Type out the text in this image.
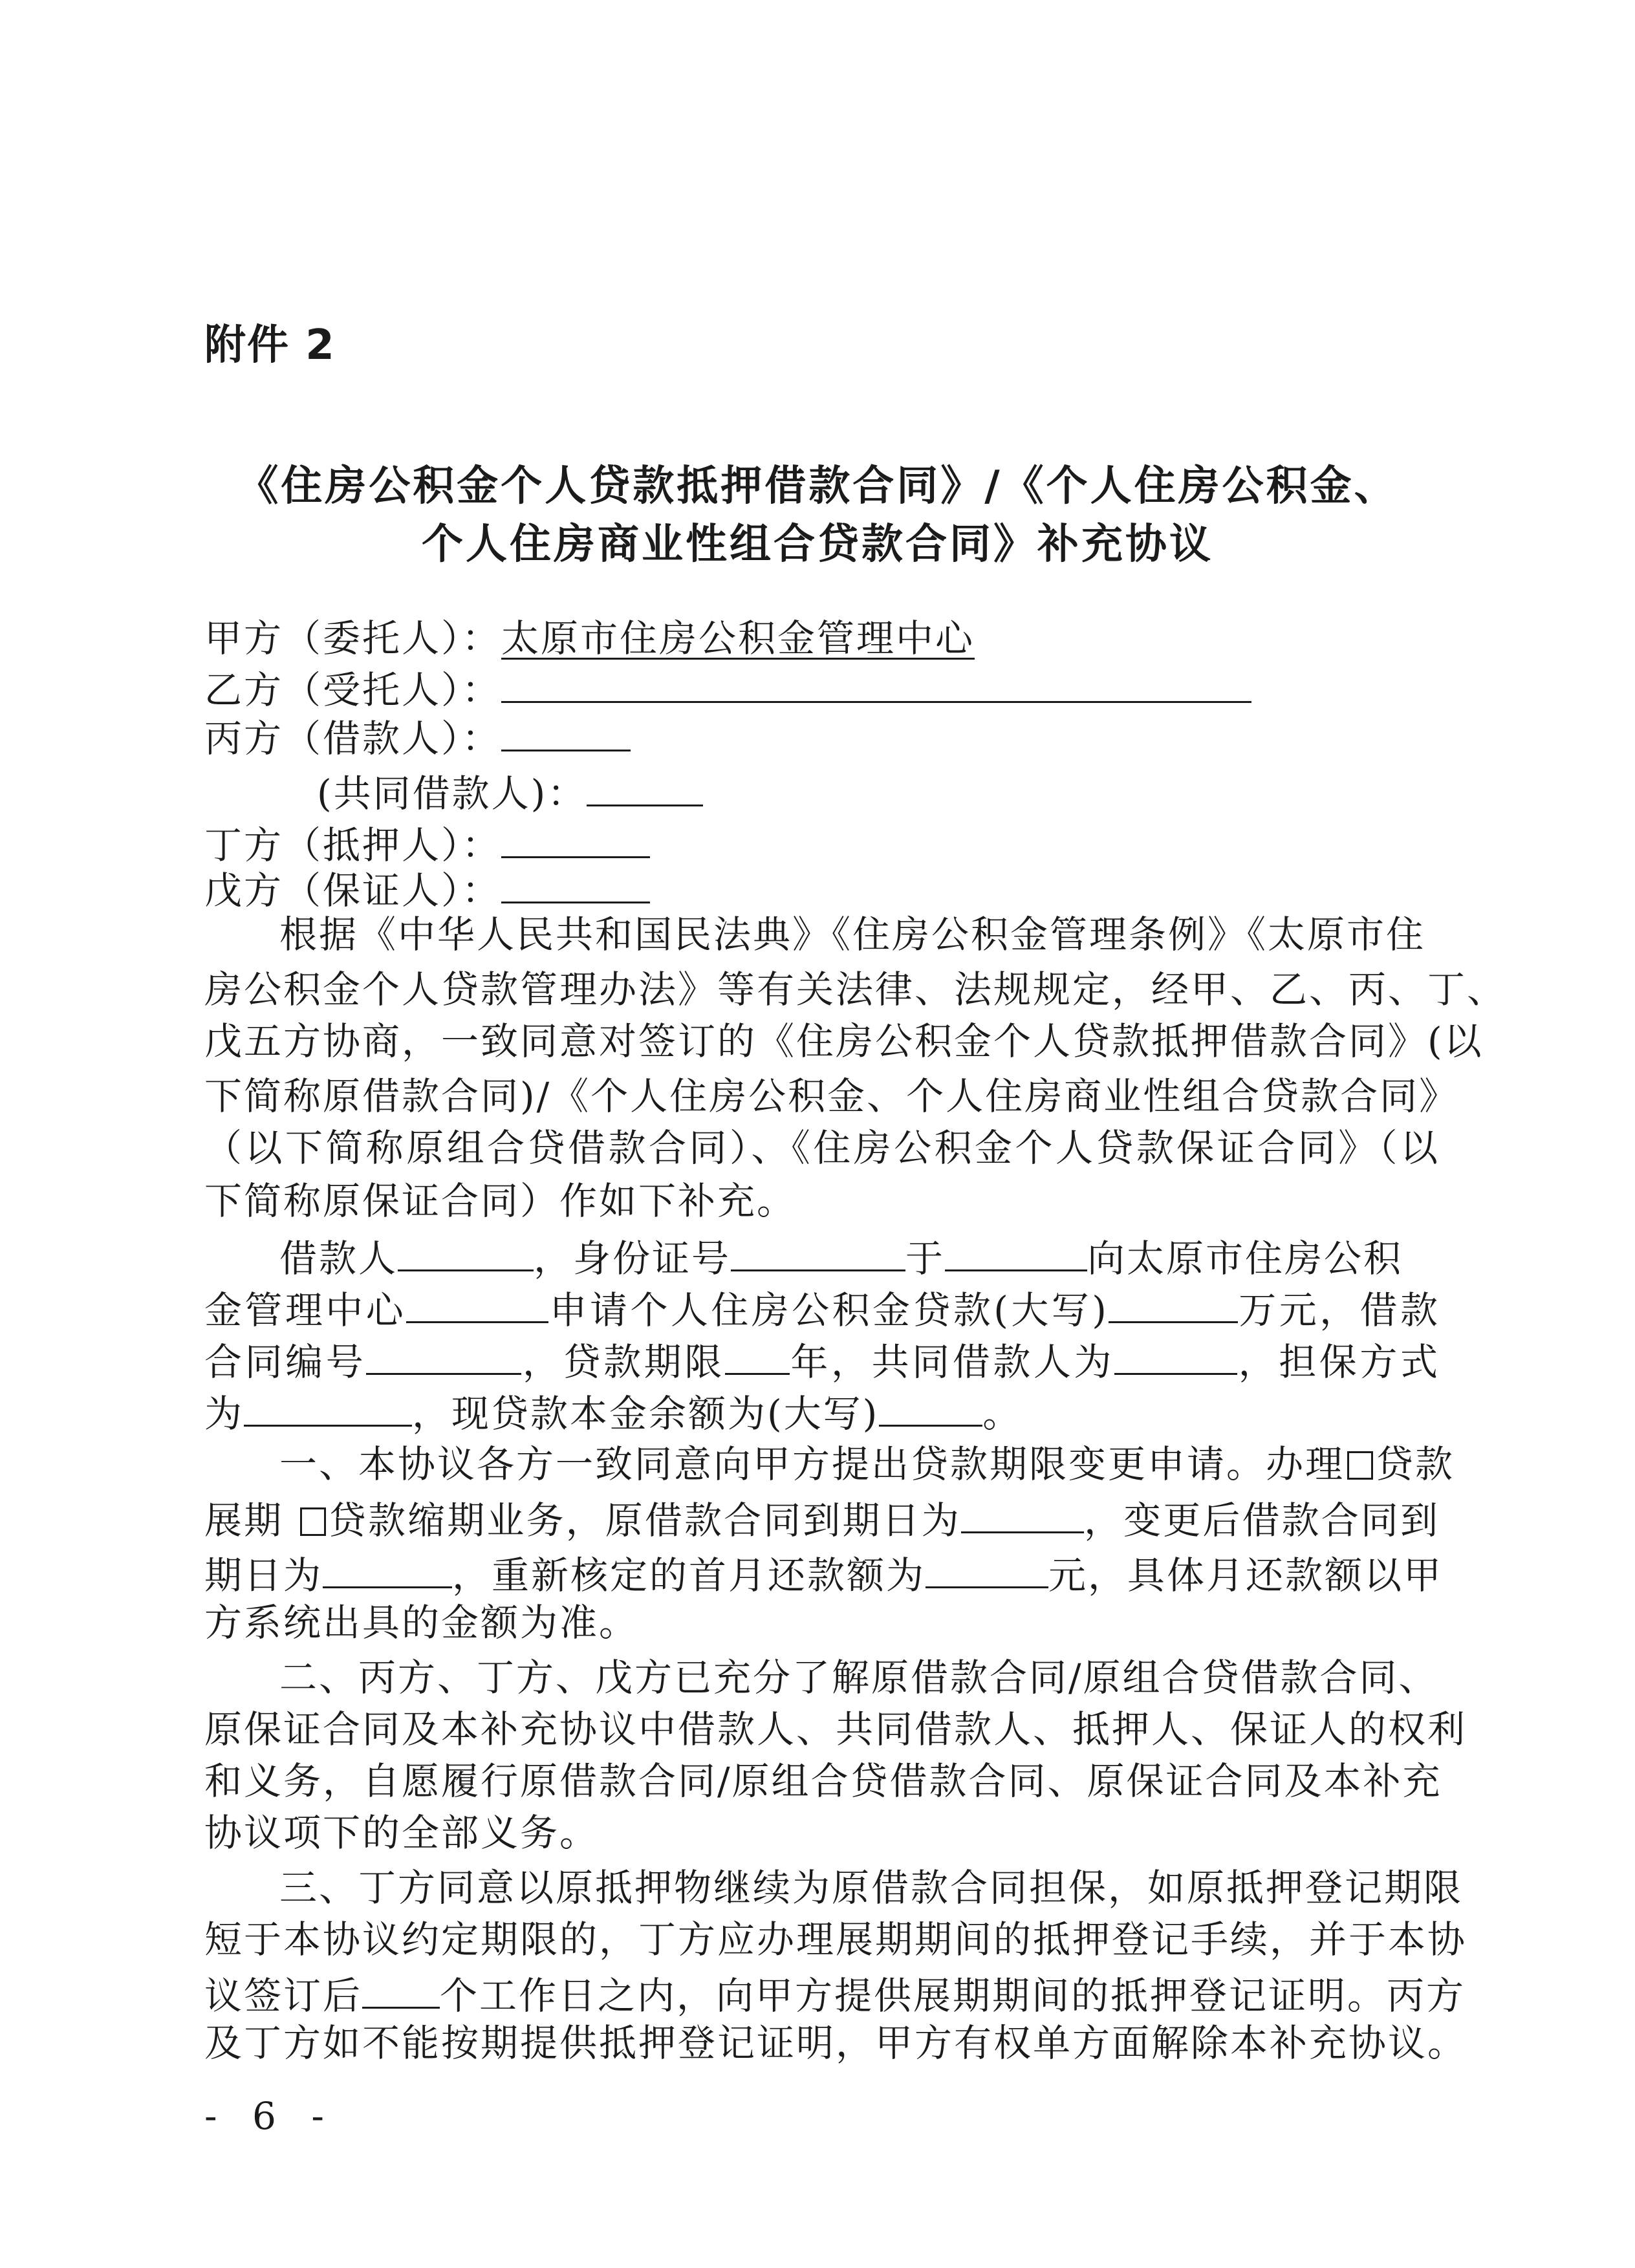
附件 2
《住房公积金个人贷款抵押借款合同》/《个人住房公积金、
个人住房商业性组合贷款合同》补充协议
甲方（委托人）：太原市住房公积金管理中心
乙方（受托人）：
丙方（借款人）：
(共同借款人)：
丁方（抵押人）：
戊方（保证人）：
根据《中华人民共和国民法典》《住房公积金管理条例》《太原市住
房公积金个人贷款管理办法》等有关法律、法规规定，经甲、乙、丙、丁、
戊五方协商，一致同意对签订的《住房公积金个人贷款抵押借款合同》(以
下简称原借款合同)/《个人住房公积金、个人住房商业性组合贷款合同》
（以下简称原组合贷借款合同）、《住房公积金个人贷款保证合同》（以
下简称原保证合同）作如下补充。
借款人	，身份证号	于	向太原市住房公积
金管理中心	申请个人住房公积金贷款(大写)	万元，借款
合同编号	，贷款期限 年，共同借款人为	，担保方式
为	，现贷款本金余额为(大写)	。
一、本协议各方一致同意向甲方提出贷款期限变更申请。办理 贷款
展期 贷款缩期业务，原借款合同到期日为	，变更后借款合同到
期日为	，重新核定的首月还款额为	元，具体月还款额以甲
方系统出具的金额为准。
二、丙方、丁方、戊方已充分了解原借款合同/原组合贷借款合同、
原保证合同及本补充协议中借款人、共同借款人、抵押人、保证人的权利
和义务，自愿履行原借款合同/原组合贷借款合同、原保证合同及本补充
协议项下的全部义务。
三、丁方同意以原抵押物继续为原借款合同担保，如原抵押登记期限
短于本协议约定期限的，丁方应办理展期期间的抵押登记手续，并于本协
议签订后 个工作日之内，向甲方提供展期期间的抵押登记证明。丙方
及丁方如不能按期提供抵押登记证明，甲方有权单方面解除本补充协议。
- 6 -
